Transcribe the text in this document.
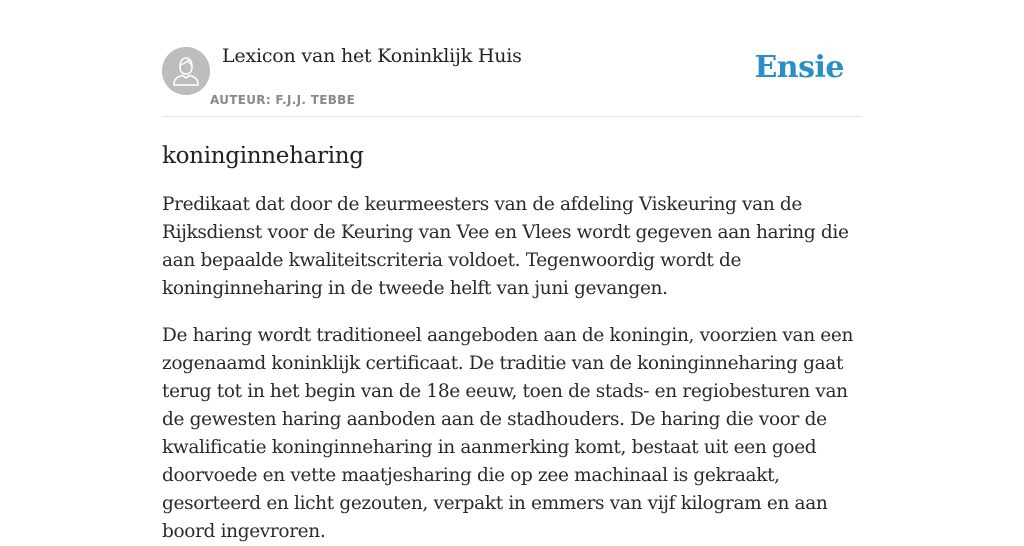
Lexicon van het Koninklijk Huis
AUTEUR: F.J.J. TEBBE
Ensie
koninginneharing

Predikaat dat door de keurmeesters van de afdeling Viskeuring van de Rijksdienst voor de Keuring van Vee en Vlees wordt gegeven aan haring die aan bepaalde kwaliteitscriteria voldoet. Tegenwoordig wordt de koninginneharing in de tweede helft van juni gevangen.

De haring wordt traditioneel aangeboden aan de koningin, voorzien van een zogenaamd koninklijk certificaat. De traditie van de koninginneharing gaat terug tot in het begin van de 18e eeuw, toen de stads- en regiobesturen van de gewesten haring aanboden aan de stadhouders. De haring die voor de kwalificatie koninginneharing in aanmerking komt, bestaat uit een goed doorvoede en vette maatjesharing die op zee machinaal is gekraakt, gesorteerd en licht gezouten, verpakt in emmers van vijf kilogram en aan boord ingevroren.
